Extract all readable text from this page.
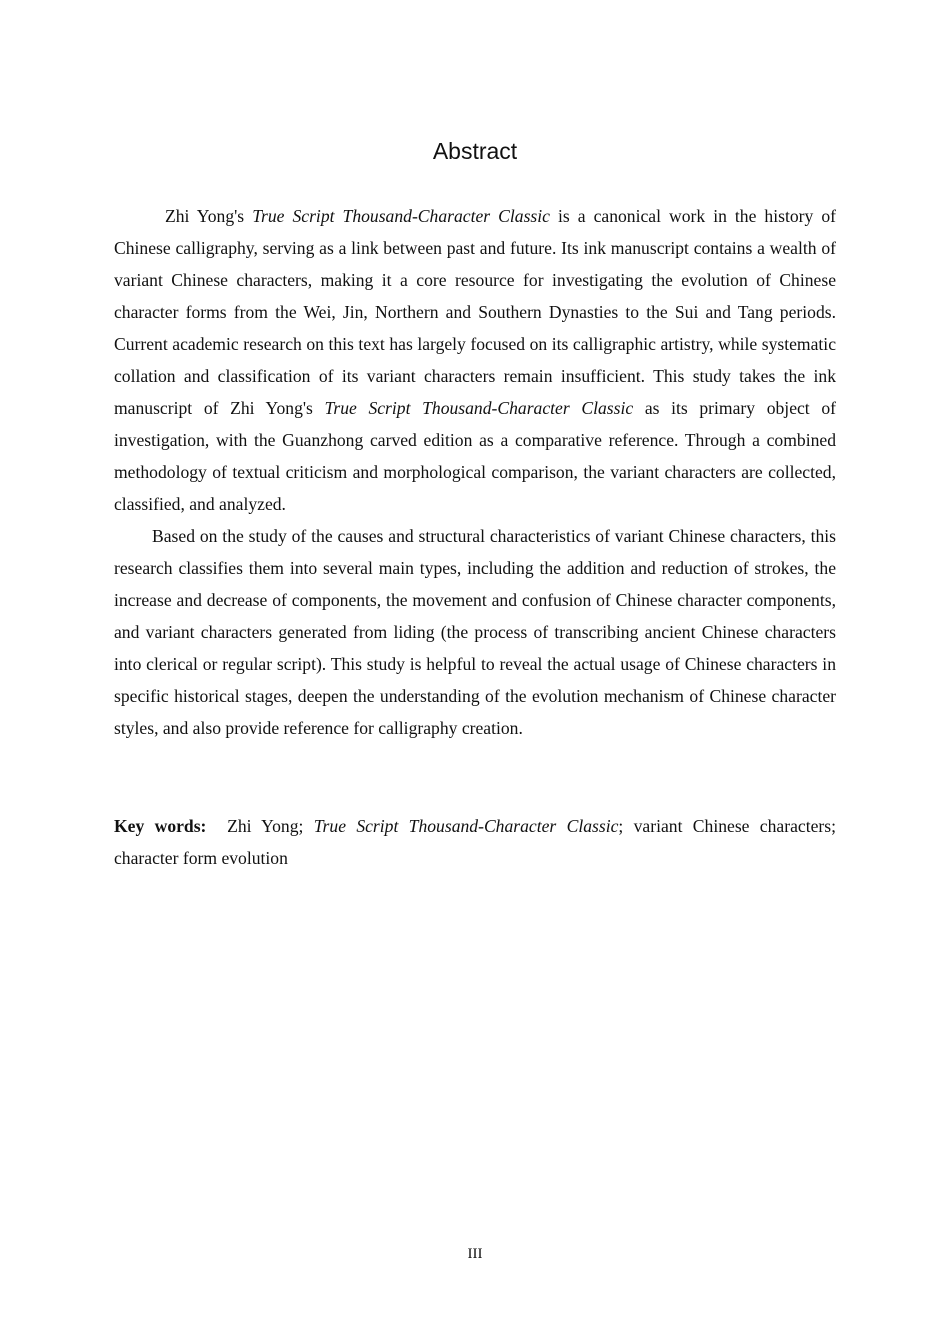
Abstract

Zhi Yong's True Script Thousand-Character Classic is a canonical work in the history of Chinese calligraphy, serving as a link between past and future. Its ink manuscript contains a wealth of variant Chinese characters, making it a core resource for investigating the evolution of Chinese character forms from the Wei, Jin, Northern and Southern Dynasties to the Sui and Tang periods. Current academic research on this text has largely focused on its calligraphic artistry, while systematic collation and classification of its variant characters remain insufficient. This study takes the ink manuscript of Zhi Yong's True Script Thousand-Character Classic as its primary object of investigation, with the Guanzhong carved edition as a comparative reference. Through a combined methodology of textual criticism and morphological comparison, the variant characters are collected, classified, and analyzed.

Based on the study of the causes and structural characteristics of variant Chinese characters, this research classifies them into several main types, including the addition and reduction of strokes, the increase and decrease of components, the movement and confusion of Chinese character components, and variant characters generated from liding (the process of transcribing ancient Chinese characters into clerical or regular script). This study is helpful to reveal the actual usage of Chinese characters in specific historical stages, deepen the understanding of the evolution mechanism of Chinese character styles, and also provide reference for calligraphy creation.

Key words: Zhi Yong; True Script Thousand-Character Classic; variant Chinese characters; character form evolution

III
